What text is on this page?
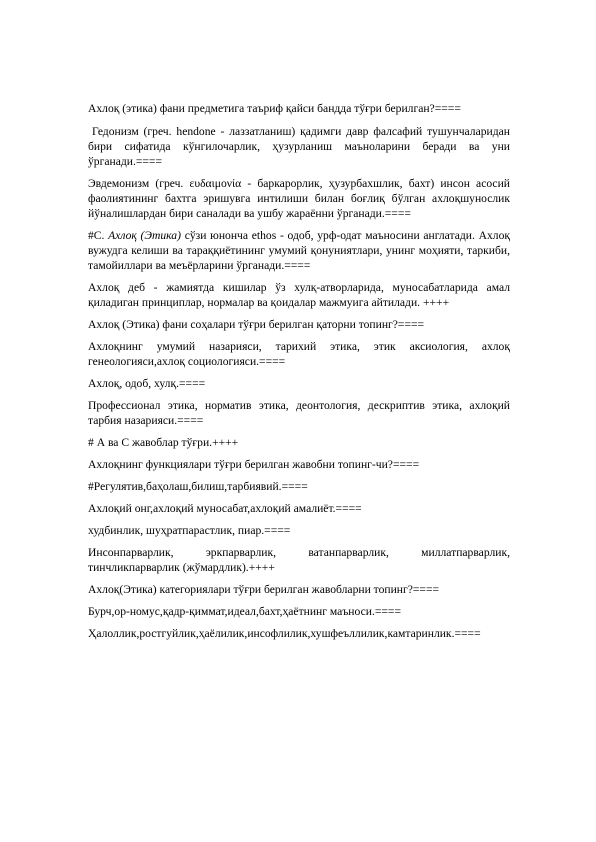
Ахлоқ (этика) фани предметига таъриф қайси бандда тўғри берилган?====

Гедонизм (греч. hendone - лаззатланиш) қадимги давр фалсафий тушунчаларидан бири сифатида кўнгилочарлик, ҳузурланиш маъноларини беради ва уни ўрганади.====

Эвдемонизм (греч. ευδαιμονία - баркарорлик, ҳузурбахшлик, бахт) инсон асосий фаолиятининг бахтга эришувга интилиши билан боғлиқ бўлган ахлоқшунослик йўналишлардан бири саналади ва ушбу жараённи ўрганади.====

#С. Ахлоқ (Этика) сўзи юнонча ethos - одоб, урф-одат маъносини англатади. Ахлоқ вужудга келиши ва тараққиётининг умумий қонуниятлари, унинг моҳияти, таркиби, тамойиллари ва меъёрларини ўрганади.====

Ахлоқ деб - жамиятда кишилар ўз хулқ-атворларида, муносабатларида амал қиладиган принциплар, нормалар ва қоидалар мажмуига айтилади. ++++

Ахлоқ (Этика) фани соҳалари тўғри берилган қаторни топинг?====

Ахлоқнинг умумий назарияси, тарихий этика, этик аксиология, ахлоқ генеологияси,ахлоқ социологияси.====

Ахлоқ, одоб, хулқ.====

Профессионал этика, норматив этика, деонтология, дескриптив этика, ахлоқий тарбия назарияси.====

# А ва С жавоблар тўғри.++++

Ахлоқнинг функциялари тўғри берилган жавобни топинг-чи?====

#Регулятив,баҳолаш,билиш,тарбиявий.====

Ахлоқий онг,ахлоқий муносабат,ахлоқий амалиёт.====

худбинлик, шуҳратпарастлик, пиар.====

Инсонпарварлик, эркпарварлик, ватанпарварлик, миллатпарварлик, тинчликпарварлик (жўмардлик).++++

Ахлоқ(Этика) категориялари тўғри берилган жавобларни топинг?====

Бурч,ор-номус,қадр-қиммат,идеал,бахт,ҳаётнинг маъноси.====

Ҳалоллик,ростгуйлик,ҳаёлилик,инсофлилик,хушфеъллилик,камтаринлик.====
